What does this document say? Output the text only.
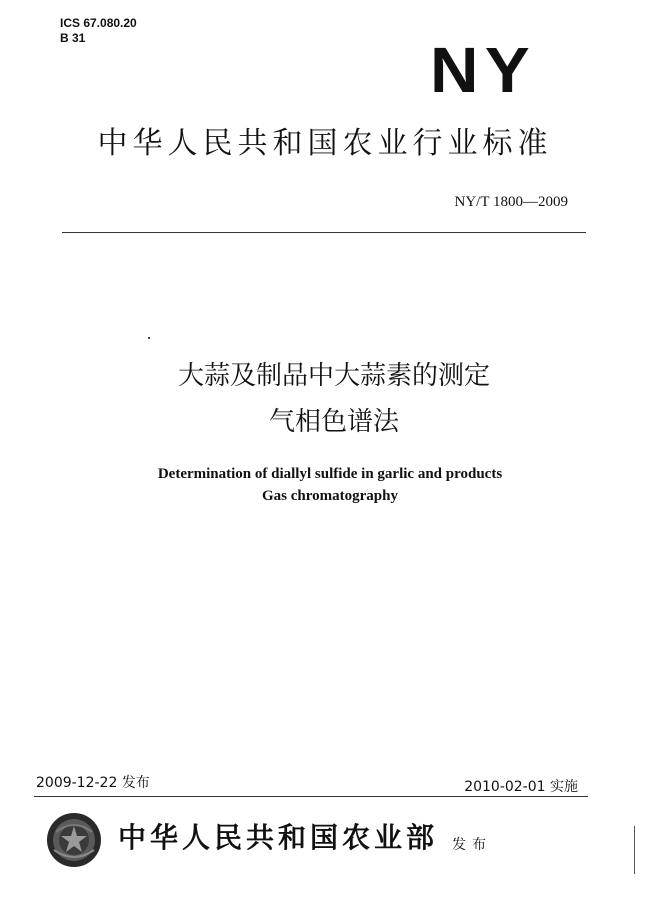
ICS 67.080.20
B 31	NY
中华人民共和国农业行业标准
NY/T 1800—2009
大蒜及制品中大蒜素的测定
气相色谱法
Determination of diallyl sulfide in garlic and products
Gas chromatography
2009-12-22 发布	2010-02-01 实施
中华人民共和国农业部 发布
